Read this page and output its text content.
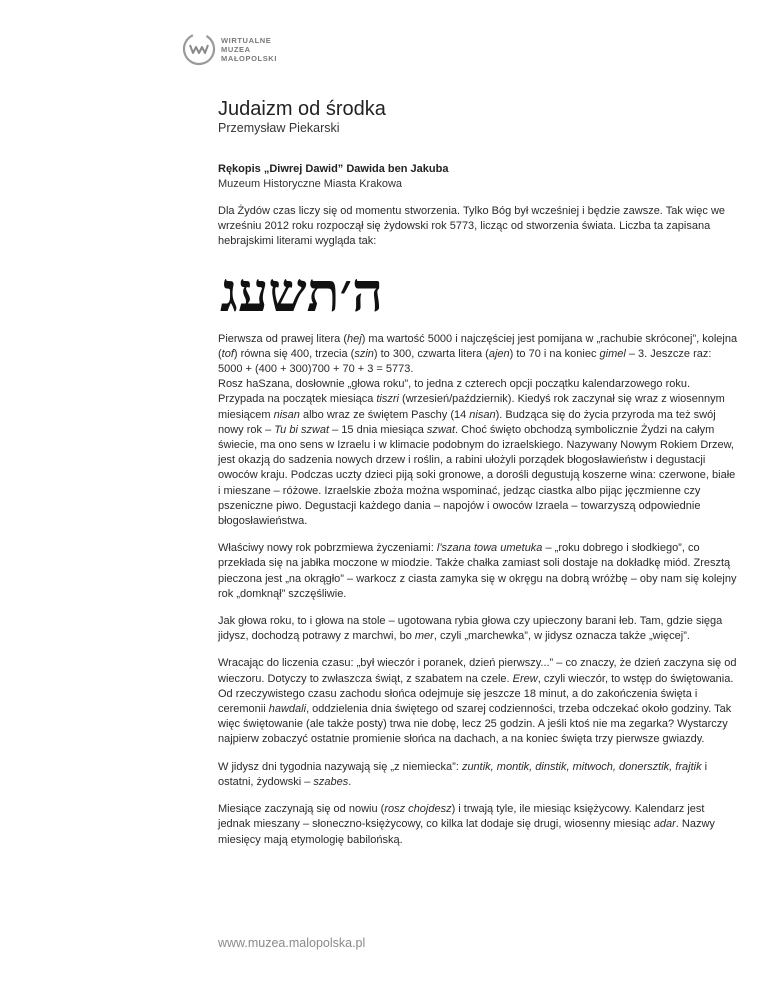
WIRTUALNE
MUZEA
MAŁOPOLSKI
Judaizm od środka
Przemysław Piekarski
Rękopis „Diwrej Dawid” Dawida ben Jakuba
Muzeum Historyczne Miasta Krakowa

Dla Żydów czas liczy się od momentu stworzenia. Tylko Bóg był wcześniej i będzie zawsze. Tak więc we wrześniu 2012 roku rozpoczął się żydowski rok 5773, licząc od stworzenia świata. Liczba ta zapisana hebrajskimi literami wygląda tak:

ה׳תשעג

Pierwsza od prawej litera (hej) ma wartość 5000 i najczęściej jest pomijana w „rachubie skróconej”, kolejna (tof) równa się 400, trzecia (szin) to 300, czwarta litera (ajen) to 70 i na koniec gimel – 3. Jeszcze raz: 5000 + (400 + 300)700 + 70 + 3 = 5773.

Rosz haSzana, dosłownie „głowa roku”, to jedna z czterech opcji początku kalendarzowego roku. Przypada na początek miesiąca tiszri (wrzesień/październik). Kiedyś rok zaczynał się wraz z wiosennym miesiącem nisan albo wraz ze świętem Paschy (14 nisan). Budząca się do życia przyroda ma też swój nowy rok – Tu bi szwat – 15 dnia miesiąca szwat. Choć święto obchodzą symbolicznie Żydzi na całym świecie, ma ono sens w Izraelu i w klimacie podobnym do izraelskiego. Nazywany Nowym Rokiem Drzew, jest okazją do sadzenia nowych drzew i roślin, a rabini ułożyli porządek błogosławieństw i degustacji owoców kraju. Podczas uczty dzieci piją soki gronowe, a dorośli degustują koszerne wina: czerwone, białe i mieszane – różowe. Izraelskie zboża można wspominać, jedząc ciastka albo pijąc jęczmienne czy pszeniczne piwo. Degustacji każdego dania – napojów i owoców Izraela – towarzyszą odpowiednie błogosławieństwa.

Właściwy nowy rok pobrzmiewa życzeniami: l’szana towa umetuka – „roku dobrego i słodkiego”, co przekłada się na jabłka moczone w miodzie. Także chałka zamiast soli dostaje na dokładkę miód. Zresztą pieczona jest „na okrągło” – warkocz z ciasta zamyka się w okręgu na dobrą wróżbę – oby nam się kolejny rok „domknął” szczęśliwie.

Jak głowa roku, to i głowa na stole – ugotowana rybia głowa czy upieczony barani łeb. Tam, gdzie sięga jidysz, dochodzą potrawy z marchwi, bo mer, czyli „marchewka”, w jidysz oznacza także „więcej”.

Wracając do liczenia czasu: „był wieczór i poranek, dzień pierwszy...” – co znaczy, że dzień zaczyna się od wieczoru. Dotyczy to zwłaszcza świąt, z szabatem na czele. Erew, czyli wieczór, to wstęp do świętowania. Od rzeczywistego czasu zachodu słońca odejmuje się jeszcze 18 minut, a do zakończenia święta i ceremonii hawdali, oddzielenia dnia świętego od szarej codzienności, trzeba odczekać około godziny. Tak więc świętowanie (ale także posty) trwa nie dobę, lecz 25 godzin. A jeśli ktoś nie ma zegarka? Wystarczy najpierw zobaczyć ostatnie promienie słońca na dachach, a na koniec święta trzy pierwsze gwiazdy.

W jidysz dni tygodnia nazywają się „z niemiecka”: zuntik, montik, dinstik, mitwoch, donersztik, frajtik i ostatni, żydowski – szabes.

Miesiące zaczynają się od nowiu (rosz chojdesz) i trwają tyle, ile miesiąc księżycowy. Kalendarz jest jednak mieszany – słoneczno-księżycowy, co kilka lat dodaje się drugi, wiosenny miesiąc adar. Nazwy miesięcy mają etymologię babilońską.

www.muzea.malopolska.pl
